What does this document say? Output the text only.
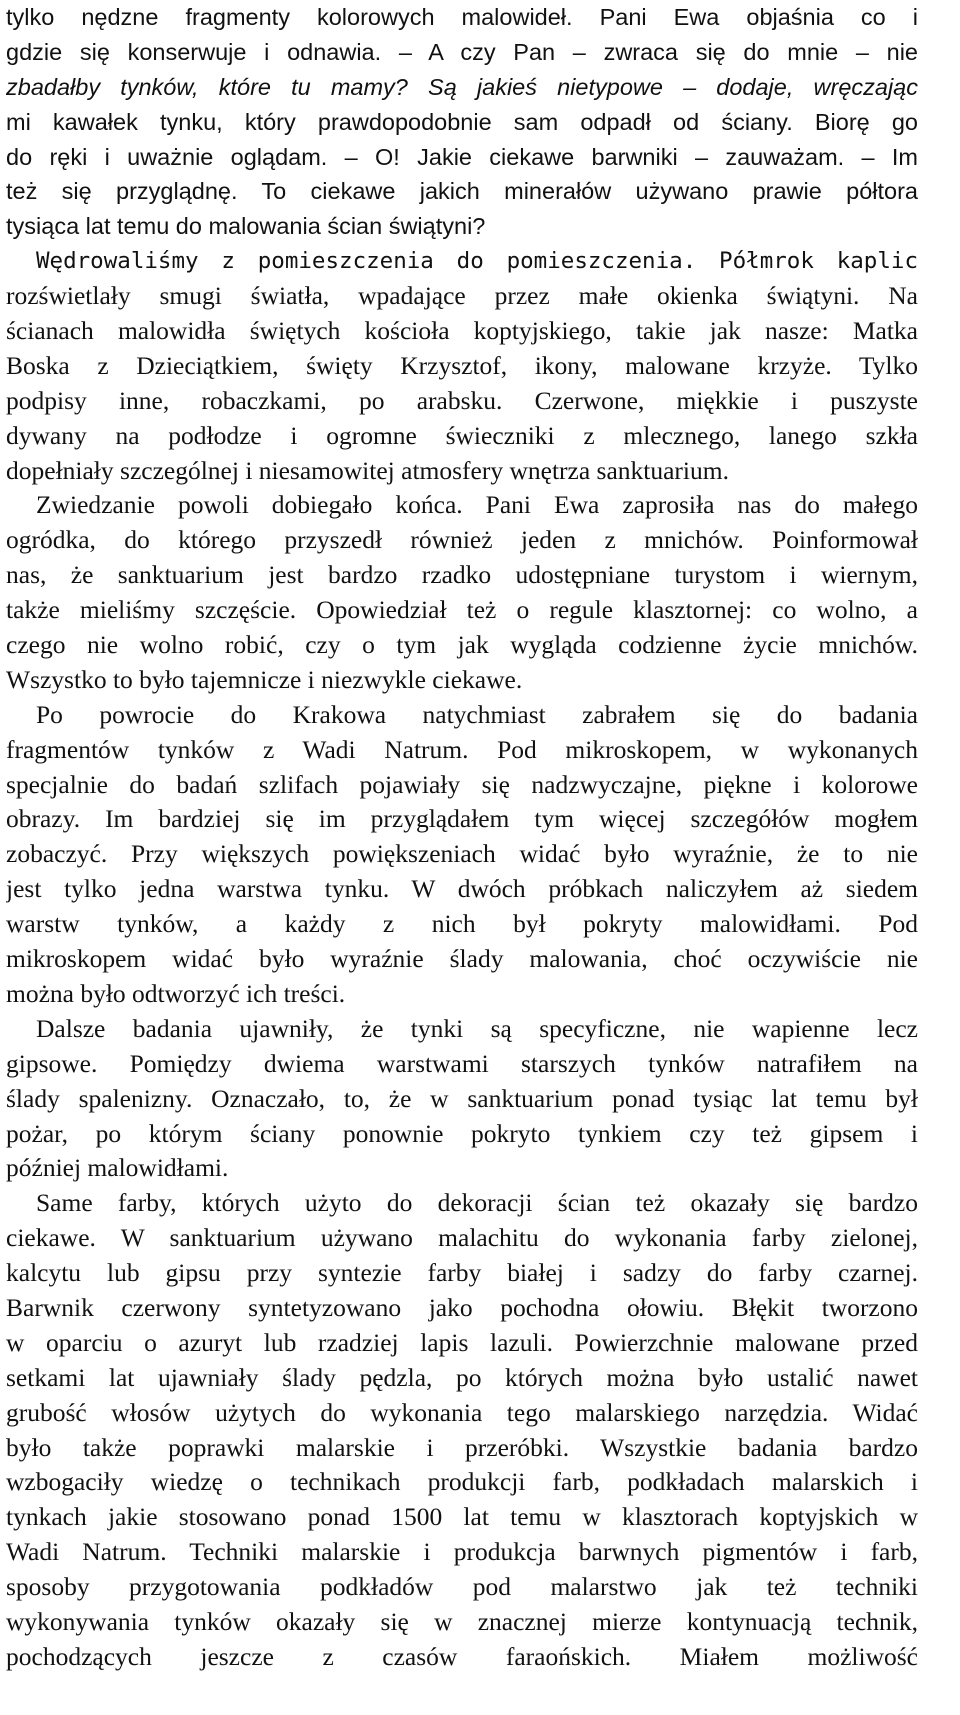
tylko nędzne fragmenty kolorowych malowideł. Pani Ewa objaśnia co i
gdzie się konserwuje i odnawia. – A czy Pan – zwraca się do mnie – nie
zbadałby tynków, które tu mamy? Są jakieś nietypowe – dodaje, wręczając
mi kawałek tynku, który prawdopodobnie sam odpadł od ściany. Biorę go
do ręki i uważnie oglądam. – O! Jakie ciekawe barwniki – zauważam. – Im
też się przyglądnę. To ciekawe jakich minerałów używano prawie półtora
tysiąca lat temu do malowania ścian świątyni?
Wędrowaliśmy z pomieszczenia do pomieszczenia. Półmrok kaplic
rozświetlały smugi światła, wpadające przez małe okienka świątyni. Na
ścianach malowidła świętych kościoła koptyjskiego, takie jak nasze: Matka
Boska z Dzieciątkiem, święty Krzysztof, ikony, malowane krzyże. Tylko
podpisy inne, robaczkami, po arabsku. Czerwone, miękkie i puszyste
dywany na podłodze i ogromne świeczniki z mlecznego, lanego szkła
dopełniały szczególnej i niesamowitej atmosfery wnętrza sanktuarium.
Zwiedzanie powoli dobiegało końca. Pani Ewa zaprosiła nas do małego
ogródka, do którego przyszedł również jeden z mnichów. Poinformował
nas, że sanktuarium jest bardzo rzadko udostępniane turystom i wiernym,
także mieliśmy szczęście. Opowiedział też o regule klasztornej: co wolno, a
czego nie wolno robić, czy o tym jak wygląda codzienne życie mnichów.
Wszystko to było tajemnicze i niezwykle ciekawe.
Po powrocie do Krakowa natychmiast zabrałem się do badania
fragmentów tynków z Wadi Natrum. Pod mikroskopem, w wykonanych
specjalnie do badań szlifach pojawiały się nadzwyczajne, piękne i kolorowe
obrazy. Im bardziej się im przyglądałem tym więcej szczegółów mogłem
zobaczyć. Przy większych powiększeniach widać było wyraźnie, że to nie
jest tylko jedna warstwa tynku. W dwóch próbkach naliczyłem aż siedem
warstw tynków, a każdy z nich był pokryty malowidłami. Pod
mikroskopem widać było wyraźnie ślady malowania, choć oczywiście nie
można było odtworzyć ich treści.
Dalsze badania ujawniły, że tynki są specyficzne, nie wapienne lecz
gipsowe. Pomiędzy dwiema warstwami starszych tynków natrafiłem na
ślady spalenizny. Oznaczało, to, że w sanktuarium ponad tysiąc lat temu był
pożar, po którym ściany ponownie pokryto tynkiem czy też gipsem i
później malowidłami.
Same farby, których użyto do dekoracji ścian też okazały się bardzo
ciekawe. W sanktuarium używano malachitu do wykonania farby zielonej,
kalcytu lub gipsu przy syntezie farby białej i sadzy do farby czarnej.
Barwnik czerwony syntetyzowano jako pochodna ołowiu. Błękit tworzono
w oparciu o azuryt lub rzadziej lapis lazuli. Powierzchnie malowane przed
setkami lat ujawniały ślady pędzla, po których można było ustalić nawet
grubość włosów użytych do wykonania tego malarskiego narzędzia. Widać
było także poprawki malarskie i przeróbki. Wszystkie badania bardzo
wzbogaciły wiedzę o technikach produkcji farb, podkładach malarskich i
tynkach jakie stosowano ponad 1500 lat temu w klasztorach koptyjskich w
Wadi Natrum. Techniki malarskie i produkcja barwnych pigmentów i farb,
sposoby przygotowania podkładów pod malarstwo jak też techniki
wykonywania tynków okazały się w znacznej mierze kontynuacją technik,
pochodzących jeszcze z czasów faraońskich. Miałem możliwość
